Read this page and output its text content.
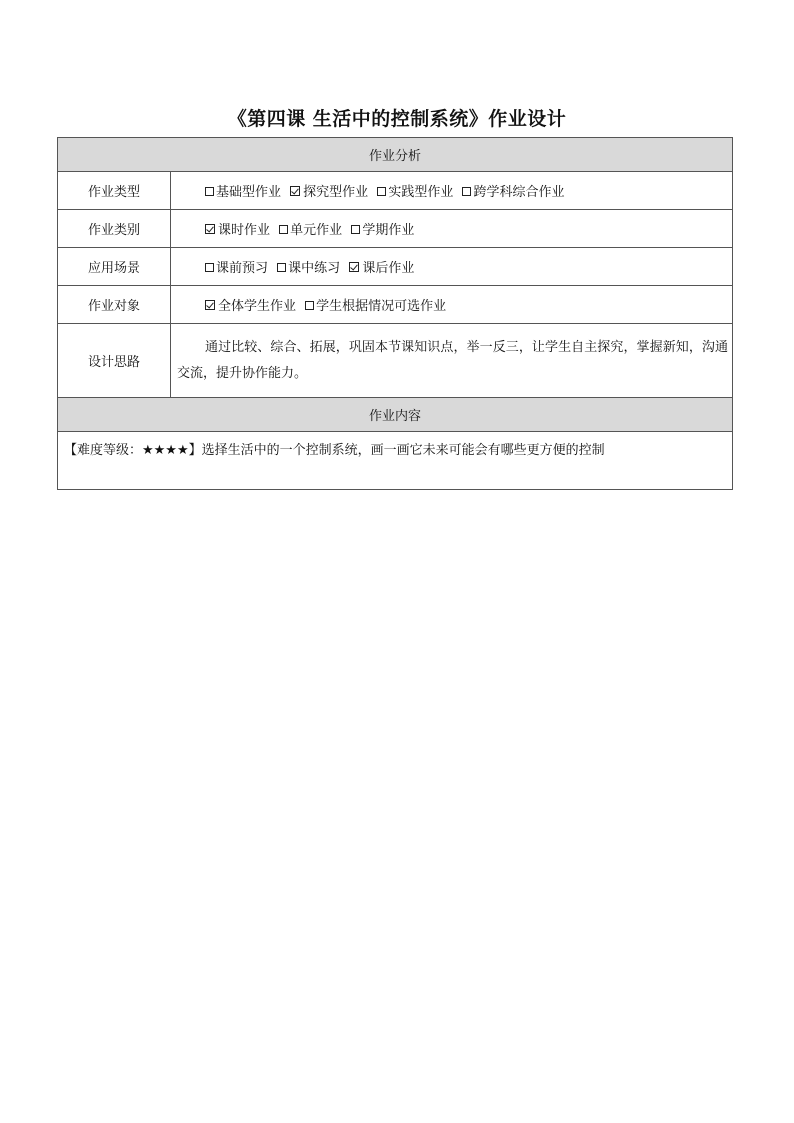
《第四课 生活中的控制系统》作业设计
作业分析	
作业类型	基础型作业 探究型作业 实践型作业 跨学科综合作业
作业类别	课时作业 单元作业 学期作业
应用场景	课前预习 课中练习 课后作业
作业对象	全体学生作业 学生根据情况可选作业
设计思路	通过比较、综合、拓展，巩固本节课知识点，举一反三，让学生自主探究，掌握新知，沟通交流，提升协作能力。
作业内容	
【难度等级：★★★★】选择生活中的一个控制系统，画一画它未来可能会有哪些更方便的控制	
